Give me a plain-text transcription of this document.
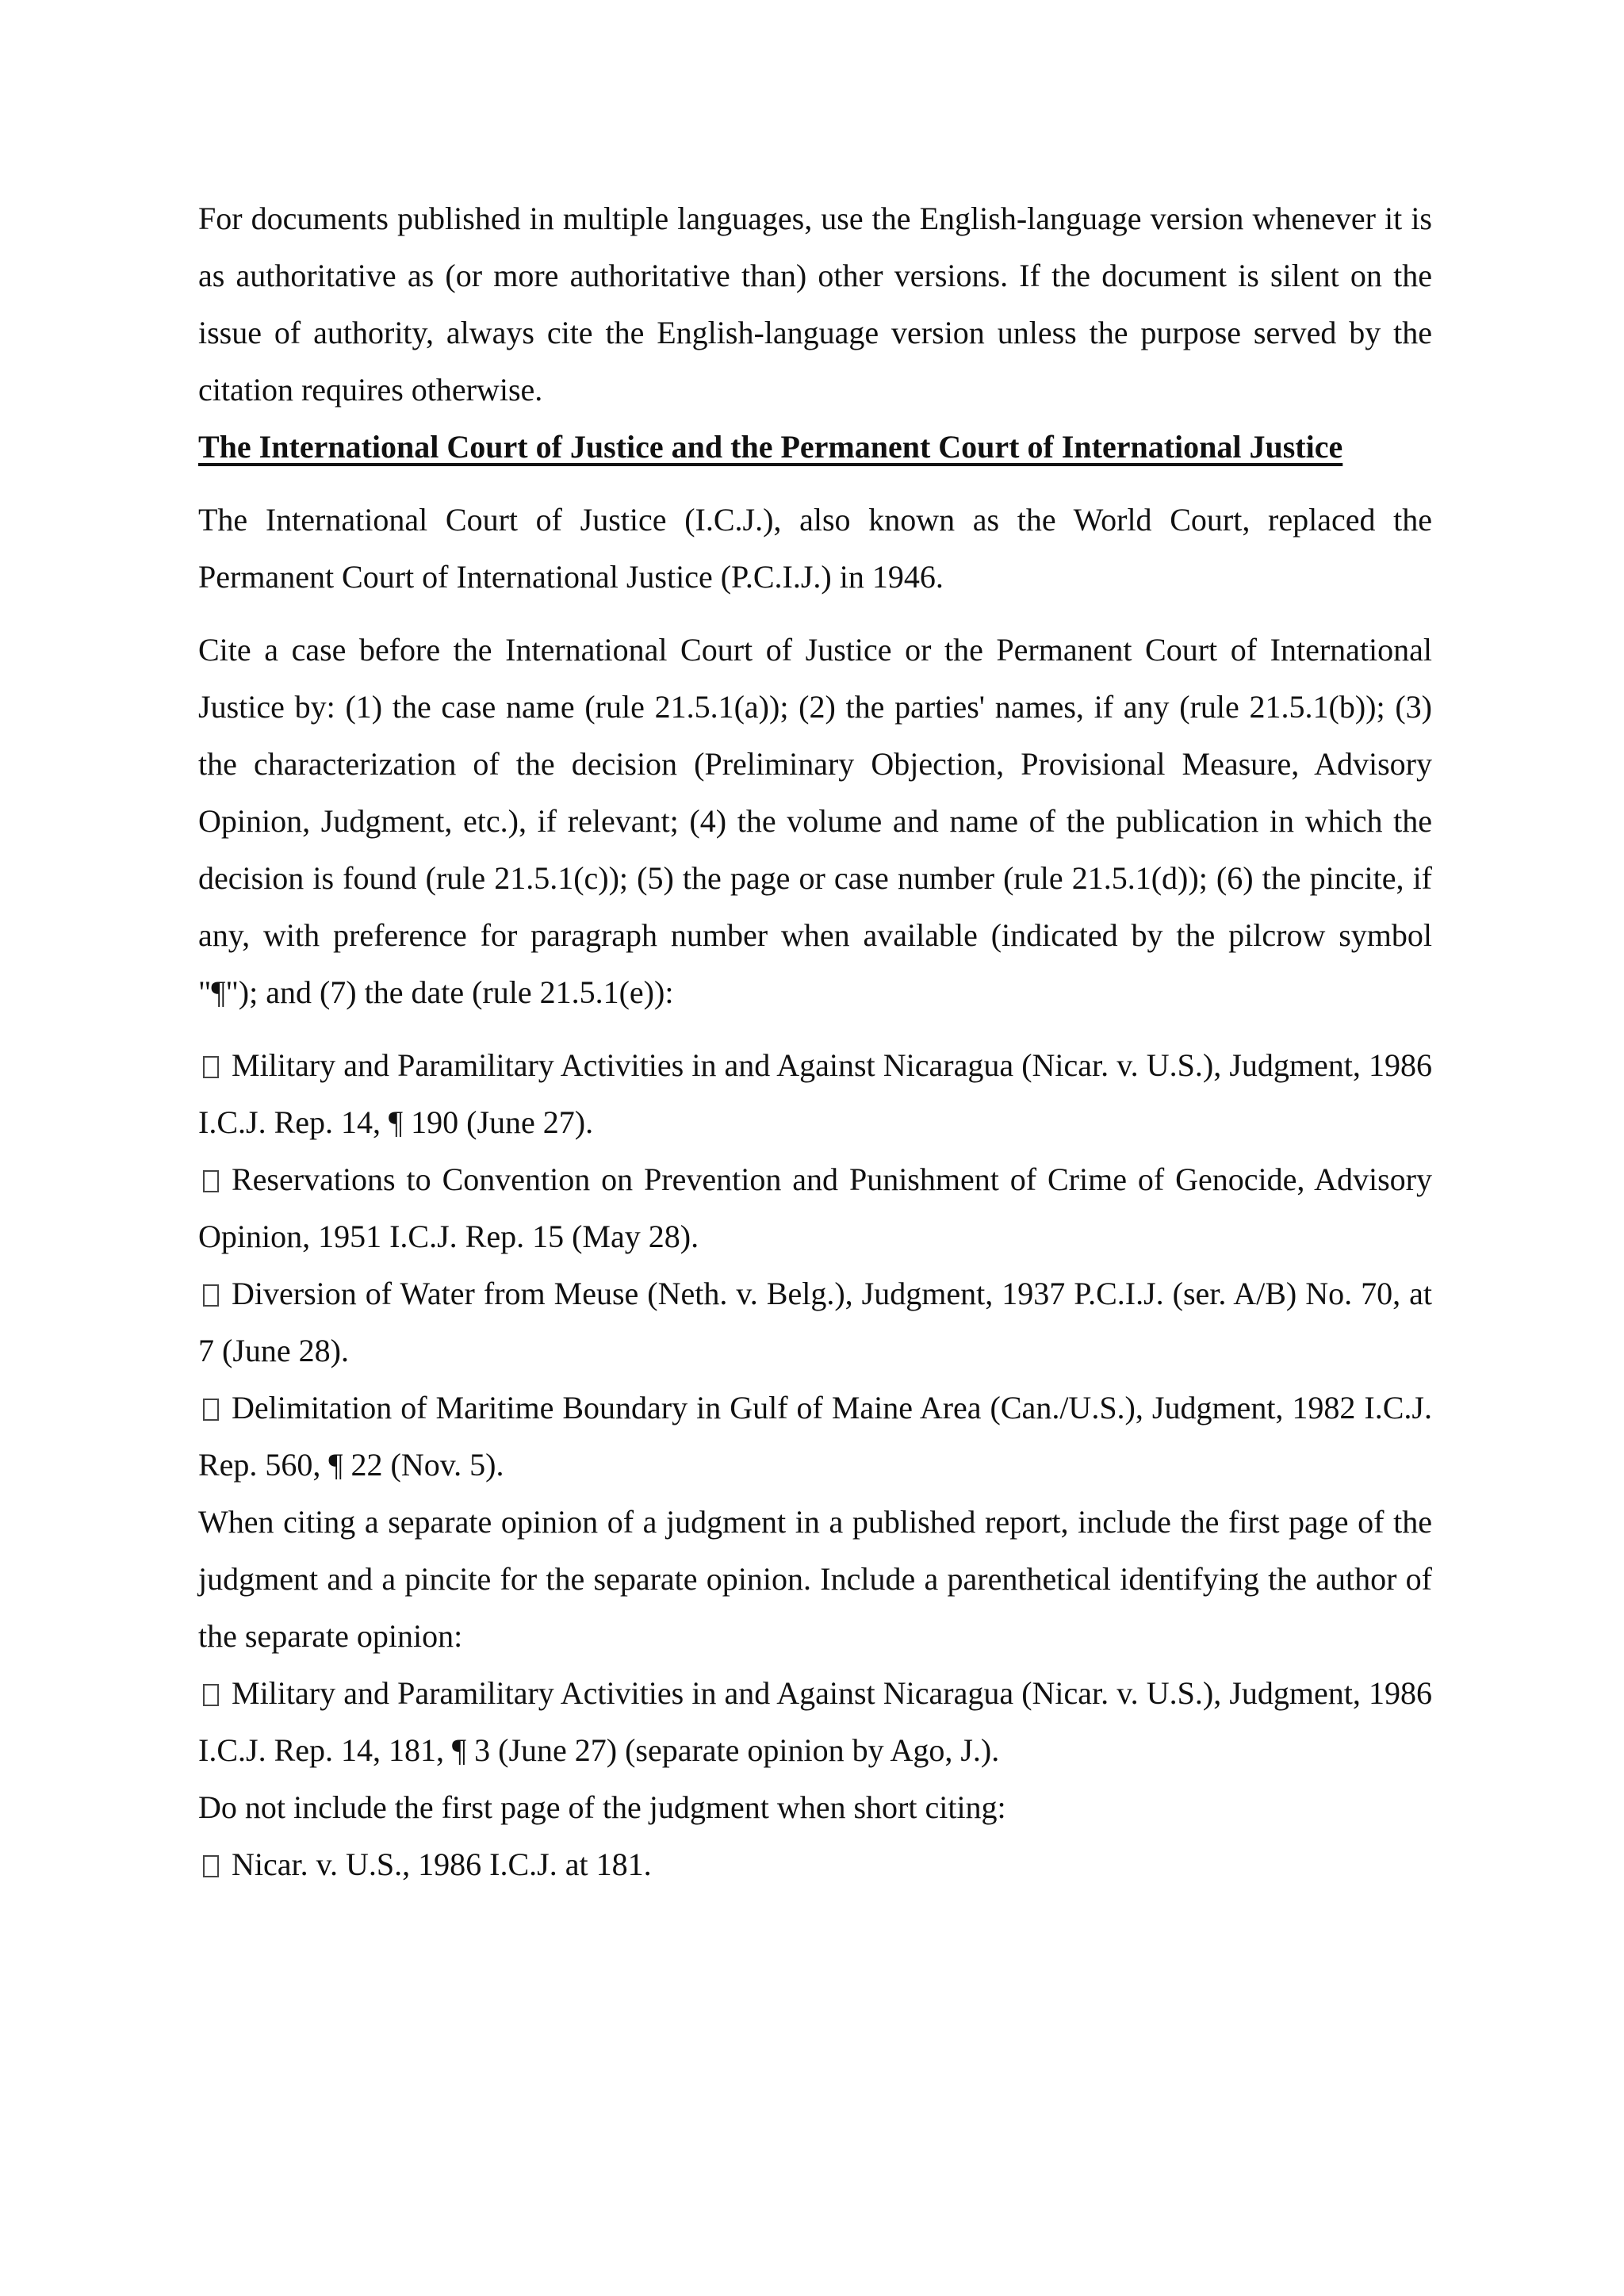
For documents published in multiple languages, use the English-language version whenever it is as authoritative as (or more authoritative than) other versions. If the document is silent on the issue of authority, always cite the English-language version unless the purpose served by the citation requires otherwise.

The International Court of Justice and the Permanent Court of International Justice

The International Court of Justice (I.C.J.), also known as the World Court, replaced the Permanent Court of International Justice (P.C.I.J.) in 1946.

Cite a case before the International Court of Justice or the Permanent Court of International Justice by: (1) the case name (rule 21.5.1(a)); (2) the parties' names, if any (rule 21.5.1(b)); (3) the characterization of the decision (Preliminary Objection, Provisional Measure, Advisory Opinion, Judgment, etc.), if relevant; (4) the volume and name of the publication in which the decision is found (rule 21.5.1(c)); (5) the page or case number (rule 21.5.1(d)); (6) the pincite, if any, with preference for paragraph number when available (indicated by the pilcrow symbol "¶"); and (7) the date (rule 21.5.1(e)):

Military and Paramilitary Activities in and Against Nicaragua (Nicar. v. U.S.), Judgment, 1986 I.C.J. Rep. 14, ¶ 190 (June 27).

Reservations to Convention on Prevention and Punishment of Crime of Genocide, Advisory Opinion, 1951 I.C.J. Rep. 15 (May 28).

Diversion of Water from Meuse (Neth. v. Belg.), Judgment, 1937 P.C.I.J. (ser. A/B) No. 70, at 7 (June 28).

Delimitation of Maritime Boundary in Gulf of Maine Area (Can./U.S.), Judgment, 1982 I.C.J. Rep. 560, ¶ 22 (Nov. 5).

When citing a separate opinion of a judgment in a published report, include the first page of the judgment and a pincite for the separate opinion. Include a parenthetical identifying the author of the separate opinion:

Military and Paramilitary Activities in and Against Nicaragua (Nicar. v. U.S.), Judgment, 1986 I.C.J. Rep. 14, 181, ¶ 3 (June 27) (separate opinion by Ago, J.).

Do not include the first page of the judgment when short citing:

Nicar. v. U.S., 1986 I.C.J. at 181.
